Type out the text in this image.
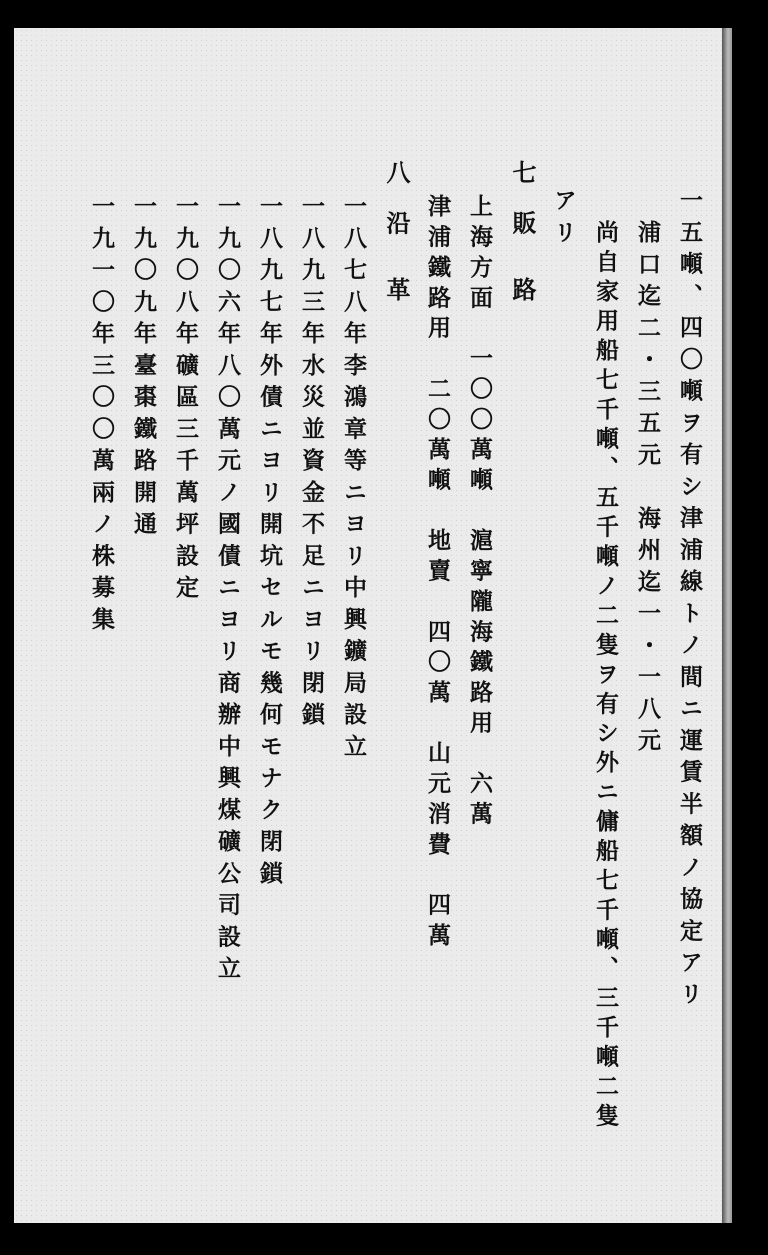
一五噸、四〇噸ヲ有シ津浦線トノ間ニ運賃半額ノ協定アリ
浦口迄二・三五元　海州迄一・一八元
尚自家用船七千噸、五千噸ノ二隻ヲ有シ外ニ傭船七千噸、三千噸二隻
アリ
七 販　路
上海方面　一〇〇萬噸　滬寧隴海鐵路用　六萬
津浦鐵路用　二〇萬噸　地賣　四〇萬　山元消費　四萬
八 沿　革
一八七八年李鴻章等ニヨリ中興鑛局設立
一八九三年水災並資金不足ニヨリ閉鎖
一八九七年外債ニヨリ開坑セルモ幾何モナク閉鎖
一九〇六年八〇萬元ノ國債ニヨリ商辦中興煤礦公司設立
一九〇八年礦區三千萬坪設定
一九〇九年臺棗鐵路開通
一九一〇年三〇〇萬兩ノ株募集
